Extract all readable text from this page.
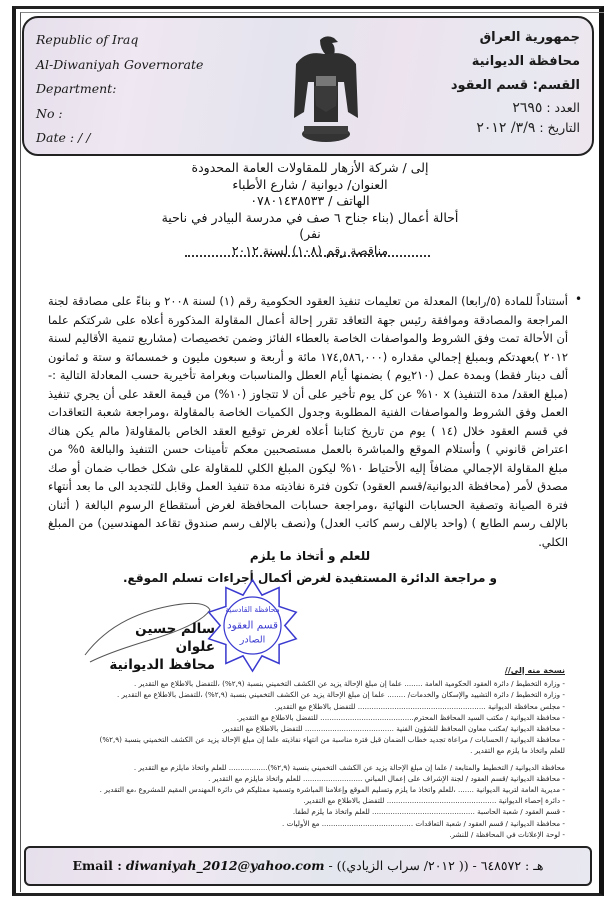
Republic of Iraq
Al-Diwaniyah Governorate
Department:
No :
Date : / /
جمهورية العراق
محافظة الديوانية
القسم: قسم العقود
العدد : ٢٦٩٥
التاريخ : ٣/٩/ ٢٠١٢
إلى / شركة الأزهار للمقاولات العامة المحدودة
العنوان/ ديوانية / شارع الأطباء
الهاتف / ٠٧٨٠١٤٣٨٥٣٣
أحالة أعمال (بناء جناح ٦ صف في مدرسة البيادر في ناحية نفر)
مناقصة رقم (١٠٨) لسنة ٢٠١٢
•
أستناداً للمادة (٥/رابعا) المعدلة من تعليمات تنفيذ العقود الحكومية رقم (١) لسنة ٢٠٠٨ و بناءً على مصادقة لجنة المراجعة والمصادقة وموافقة رئيس جهة التعاقد تقرر إحالة أعمال المقاولة المذكورة أعلاه على شركتكم علما أن الأحالة تمت وفق الشروط والمواصفات الخاصة بالعطاء الفائز وضمن تخصيصات (مشاريع تنمية الأقاليم لسنة ٢٠١٢ )بعهدتكم وبمبلغ إجمالي مقداره (١٧٤,٥٨٦,٠٠٠ مائة و أربعة و سبعون مليون و خمسمائة و ستة و ثمانون ألف دينار فقط) وبمدة عمل (٢١٠يوم ) بضمنها أيام العطل والمناسبات وبغرامة تأخيرية حسب المعادلة التالية :- (مبلغ العقد/ مدة التنفيذ) x ١٠% عن كل يوم تأخير على أن لا تتجاوز (١٠%) من قيمة العقد على أن يجري تنفيذ العمل وفق الشروط والمواصفات الفنية المطلوبة وجدول الكميات الخاصة بالمقاولة ،ومراجعة شعبة التعاقدات في قسم العقود خلال (١٤ ) يوم من تاريخ كتابنا أعلاه لغرض توقيع العقد الخاص بالمقاولة( مالم يكن هناك اعتراض قانوني ) وأستلام الموقع والمباشرة بالعمل مستصحبين معكم تأمينات حسن التنفيذ والبالغة ٥% من مبلغ المقاولة الإجمالي مضافاً إليه الأحتياط ١٠% ليكون المبلغ الكلي للمقاولة على شكل خطاب ضمان أو صك مصدق لأمر (محافظة الديوانية/قسم العقود) تكون فترة نفاذيته مدة تنفيذ العمل وقابل للتجديد الى ما بعد أنتهاء فترة الصيانة وتصفية الحسابات النهائية ،ومراجعة حسابات المحافظة لغرض أستقطاع الرسوم البالغة ( أثنان بالإلف رسم الطابع ) (واحد بالإلف رسم كاتب العدل) و(نصف بالإلف رسم صندوق تقاعد المهندسين) من المبلغ الكلي.
للعلم و أتخاذ ما يلزم
و مراجعة الدائرة المستفيدة لغرض أكمال أجراءات تسلم الموقع.
سالم حسين علوان
محافظ الديوانية
محافظة القادسية
قسم العقود
الصادر
نسخة منه إلى//
- وزارة التخطيط / دائرة العقود الحكومية العامة ........ علما إن مبلغ الإحالة يزيد عن الكشف التخميني بنسبة (٢,٩%) ،للتفضل بالاطلاع مع التقدير .
- وزارة التخطيط / دائرة التشييد والإسكان والخدمات/ ........ علما إن مبلغ الإحالة يزيد عن الكشف التخميني بنسبة (٢,٩%) ،للتفضل بالاطلاع مع التقدير .
- مجلس محافظة الديوانية ........................................................ للتفضل بالاطلاع مع التقدير.
- محافظة الديوانية / مكتب السيد المحافظ المحترم......................................... للتفضل بالاطلاع مع التقدير.
- محافظة الديوانية /مكتب معاون المحافظ للشؤون الفنية ....................................... للتفضل بالاطلاع مع التقدير.
- محافظة الديوانية / الحسابات / مراعاة تجديد خطاب الضمان قبل فترة مناسبة من انتهاء نفاذيته علما إن مبلغ الإحالة يزيد عن الكشف التخميني بنسبة (٢,٩%)
للعلم واتخاذ ما يلزم مع التقدير .
محافظة الديوانية / التخطيط والمتابعة / علما إن مبلغ الإحالة يزيد عن الكشف التخميني بنسبة (٢,٩%)................. للعلم واتخاذ مايلزم مع التقدير .
- محافظة الديوانية /قسم العقود / لجنة الإشراف على إعمال المباني .......................... للعلم واتخاذ مايلزم مع التقدير .
- مديرية العامة لتربية الديوانية ....... ،للعلم واتخاذ ما يلزم وتسليم الموقع وإعلامنا المباشرة وتسمية ممثليكم في دائرة المهندس المقيم للمشروع ،مع التقدير .
- دائرة إحصاء الديوانية ................................................ للتفضل بالاطلاع مع التقدير.
- قسم العقود / شعبة الحاسبة ............................................. للعلم واتخاذ ما يلزم لطفا.
- محافظة الديوانية / قسم العقود / شعبة التعاقدات ........................................ مع الأوليات .
- لوحة الإعلانات في المحافظة / للنشر.
Email : diwaniyah_2012@yahoo.com - ((٢٠١٢/ سراب الزيادي )) - هـ : ٦٤٨٥٧٢
